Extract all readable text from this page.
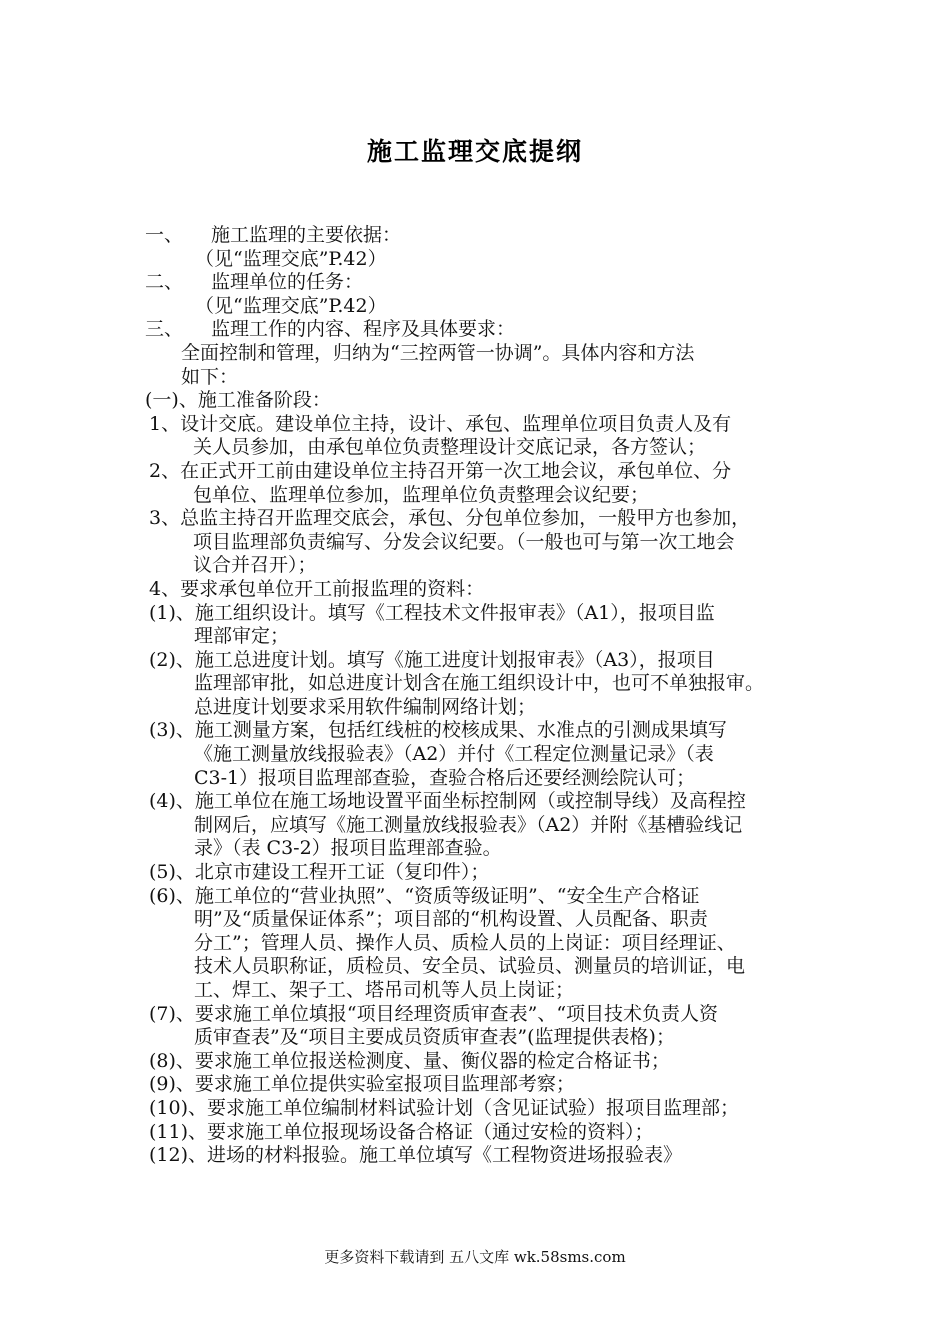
施工监理交底提纲
一、 施工监理的主要依据：
（见“监理交底”P.42）
二、 监理单位的任务：
（见“监理交底”P.42）
三、 监理工作的内容、程序及具体要求：
全面控制和管理，归纳为“三控两管一协调”。具体内容和方法
如下：
(一)、施工准备阶段：
1、设计交底。建设单位主持，设计、承包、监理单位项目负责人及有
关人员参加，由承包单位负责整理设计交底记录，各方签认；
2、在正式开工前由建设单位主持召开第一次工地会议，承包单位、分
包单位、监理单位参加，监理单位负责整理会议纪要；
3、总监主持召开监理交底会，承包、分包单位参加，一般甲方也参加，
项目监理部负责编写、分发会议纪要。（一般也可与第一次工地会
议合并召开）；
4、要求承包单位开工前报监理的资料：
(1)、施工组织设计。填写《工程技术文件报审表》（A1），报项目监
理部审定；
(2)、施工总进度计划。填写《施工进度计划报审表》（A3），报项目
监理部审批，如总进度计划含在施工组织设计中，也可不单独报审。
总进度计划要求采用软件编制网络计划；
(3)、施工测量方案，包括红线桩的校核成果、水准点的引测成果填写
《施工测量放线报验表》（A2）并付《工程定位测量记录》（表
C3-1）报项目监理部查验，查验合格后还要经测绘院认可；
(4)、施工单位在施工场地设置平面坐标控制网（或控制导线）及高程控
制网后，应填写《施工测量放线报验表》（A2）并附《基槽验线记
录》（表 C3-2）报项目监理部查验。
(5)、北京市建设工程开工证（复印件）；
(6)、施工单位的“营业执照”、“资质等级证明”、“安全生产合格证
明”及“质量保证体系”；项目部的“机构设置、人员配备、职责
分工”；管理人员、操作人员、质检人员的上岗证：项目经理证、
技术人员职称证，质检员、安全员、试验员、测量员的培训证，电
工、焊工、架子工、塔吊司机等人员上岗证；
(7)、要求施工单位填报“项目经理资质审查表”、“项目技术负责人资
质审查表”及“项目主要成员资质审查表”(监理提供表格)；
(8)、要求施工单位报送检测度、量、衡仪器的检定合格证书；
(9)、要求施工单位提供实验室报项目监理部考察；
(10)、要求施工单位编制材料试验计划（含见证试验）报项目监理部；
(11)、要求施工单位报现场设备合格证（通过安检的资料）；
(12)、进场的材料报验。施工单位填写《工程物资进场报验表》
更多资料下载请到 五八文库 wk.58sms.com
